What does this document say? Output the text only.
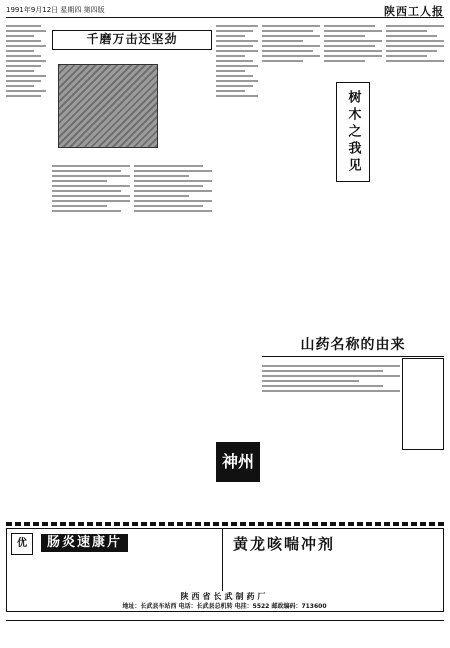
1991年9月12日 星期四 第四版	陕西工人报
千磨万击还坚劲
树木之我见
山药名称的由来
神州
优	肠炎速康片	黄龙咳喘冲剂
陕西省长武制药厂
地址：长武县车站西 电话：长武县总机转 电挂：5522 邮政编码：713600
